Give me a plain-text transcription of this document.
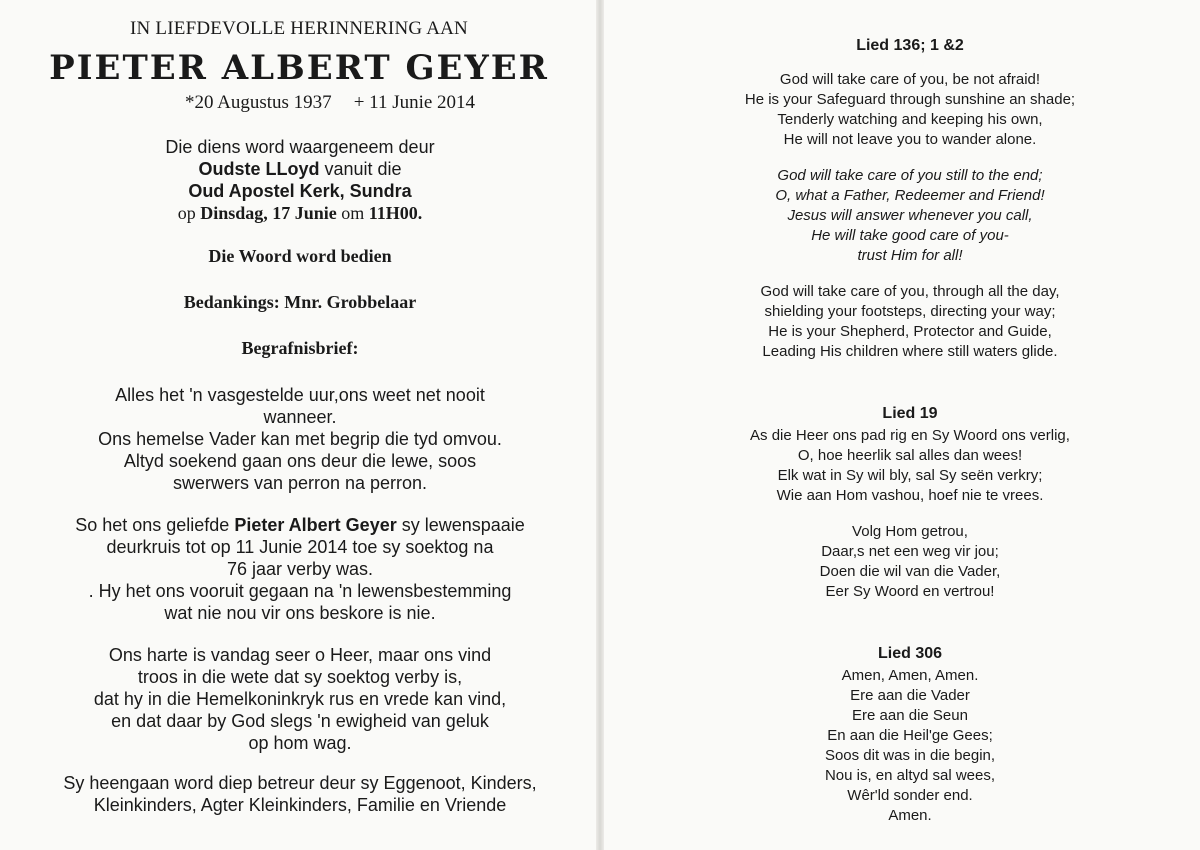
IN LIEFDEVOLLE HERINNERING AAN
PIETER ALBERT GEYER
*20 Augustus 1937 + 11 Junie 2014
Die diens word waargeneem deur
Oudste LLoyd vanuit die
Oud Apostel Kerk, Sundra
op Dinsdag, 17 Junie om 11H00.
Die Woord word bedien
Bedankings: Mnr. Grobbelaar
Begrafnisbrief:
Alles het 'n vasgestelde uur,ons weet net nooit
wanneer.
Ons hemelse Vader kan met begrip die tyd omvou.
Altyd soekend gaan ons deur die lewe, soos
swerwers van perron na perron.
So het ons geliefde Pieter Albert Geyer sy lewenspaaie
deurkruis tot op 11 Junie 2014 toe sy soektog na
76 jaar verby was.
. Hy het ons vooruit gegaan na 'n lewensbestemming
wat nie nou vir ons beskore is nie.
Ons harte is vandag seer o Heer, maar ons vind
troos in die wete dat sy soektog verby is,
dat hy in die Hemelkoninkryk rus en vrede kan vind,
en dat daar by God slegs 'n ewigheid van geluk
op hom wag.
Sy heengaan word diep betreur deur sy Eggenoot, Kinders,
Kleinkinders, Agter Kleinkinders, Familie en Vriende
Lied 136; 1 &2
God will take care of you, be not afraid!
He is your Safeguard through sunshine an shade;
Tenderly watching and keeping his own,
He will not leave you to wander alone.
God will take care of you still to the end;
O, what a Father, Redeemer and Friend!
Jesus will answer whenever you call,
He will take good care of you-
trust Him for all!
God will take care of you, through all the day,
shielding your footsteps, directing your way;
He is your Shepherd, Protector and Guide,
Leading His children where still waters glide.
Lied 19
As die Heer ons pad rig en Sy Woord ons verlig,
O, hoe heerlik sal alles dan wees!
Elk wat in Sy wil bly, sal Sy seën verkry;
Wie aan Hom vashou, hoef nie te vrees.
Volg Hom getrou,
Daar,s net een weg vir jou;
Doen die wil van die Vader,
Eer Sy Woord en vertrou!
Lied 306
Amen, Amen, Amen.
Ere aan die Vader
Ere aan die Seun
En aan die Heil'ge Gees;
Soos dit was in die begin,
Nou is, en altyd sal wees,
Wêr'ld sonder end.
Amen.
